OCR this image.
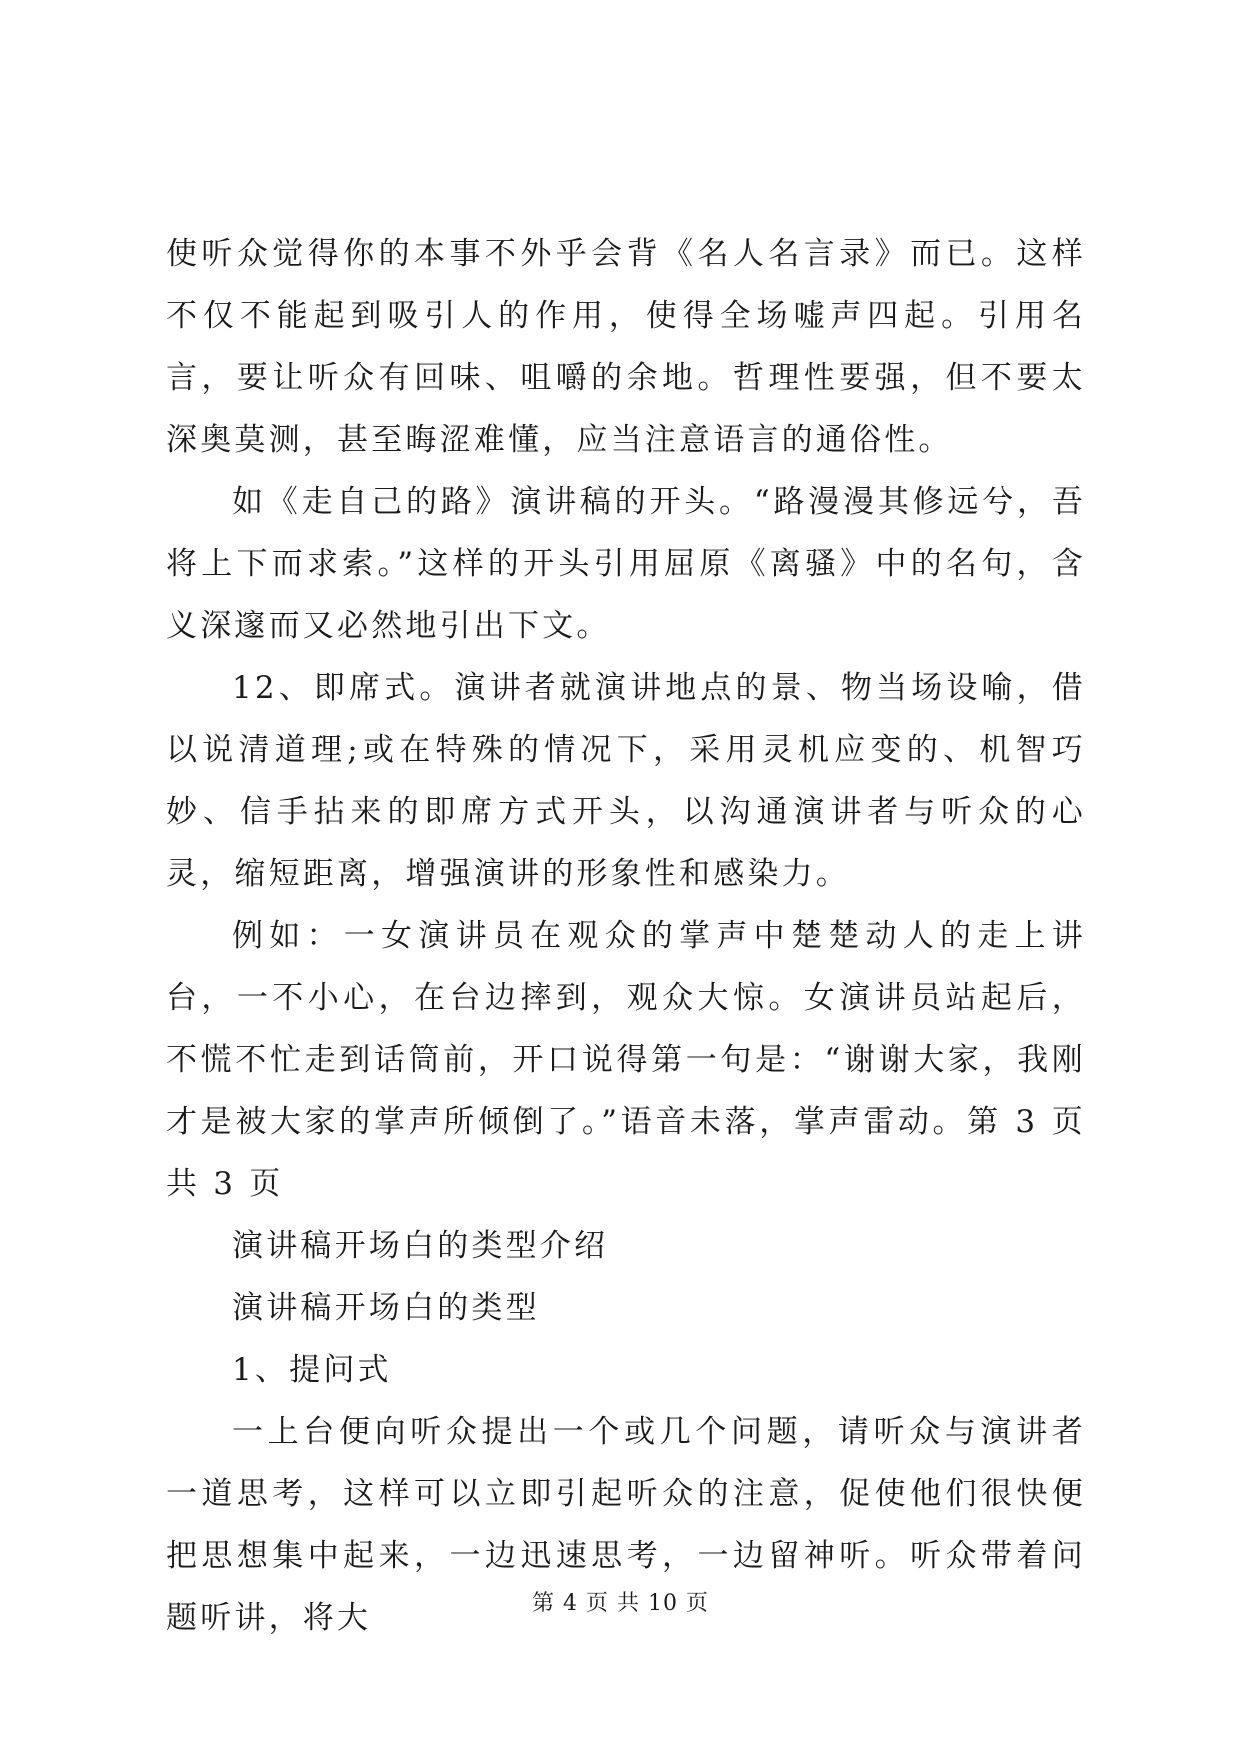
使听众觉得你的本事不外乎会背《名人名言录》而已。这样不仅不能起到吸引人的作用，使得全场嘘声四起。引用名言，要让听众有回味、咀嚼的余地。哲理性要强，但不要太深奥莫测，甚至晦涩难懂，应当注意语言的通俗性。

如《走自己的路》演讲稿的开头。“路漫漫其修远兮，吾将上下而求索。”这样的开头引用屈原《离骚》中的名句，含义深邃而又必然地引出下文。

12、即席式。演讲者就演讲地点的景、物当场设喻，借以说清道理;或在特殊的情况下，采用灵机应变的、机智巧妙、信手拈来的即席方式开头，以沟通演讲者与听众的心灵，缩短距离，增强演讲的形象性和感染力。

例如：一女演讲员在观众的掌声中楚楚动人的走上讲台，一不小心，在台边摔到，观众大惊。女演讲员站起后，不慌不忙走到话筒前，开口说得第一句是：“谢谢大家，我刚才是被大家的掌声所倾倒了。”语音未落，掌声雷动。第 3 页共 3 页

演讲稿开场白的类型介绍

演讲稿开场白的类型

1、提问式

一上台便向听众提出一个或几个问题，请听众与演讲者一道思考，这样可以立即引起听众的注意，促使他们很快便把思想集中起来，一边迅速思考，一边留神听。听众带着问题听讲，将大	第 4 页 共 10 页
